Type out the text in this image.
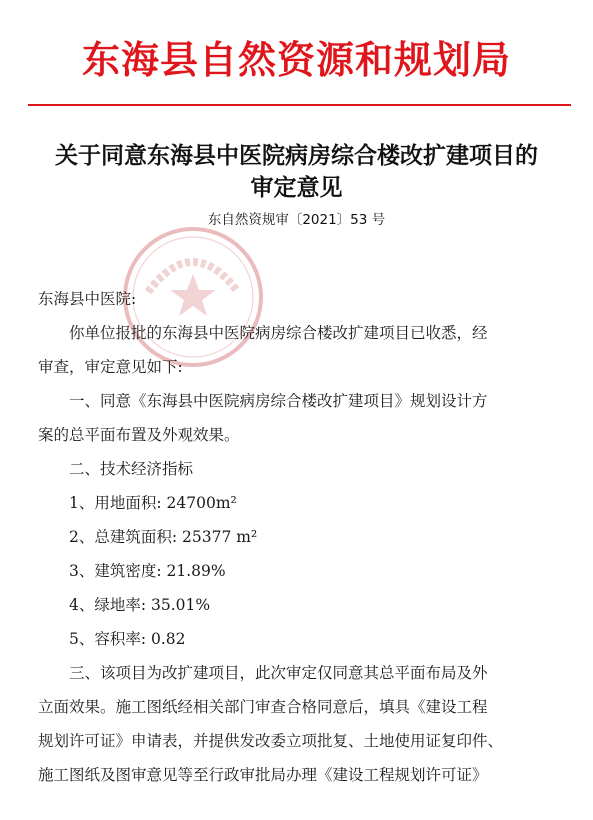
东海县自然资源和规划局
关于同意东海县中医院病房综合楼改扩建项目的
审定意见
东自然资规审〔2021〕53 号

东海县中医院:

你单位报批的东海县中医院病房综合楼改扩建项目已收悉，经

审查，审定意见如下:

一、同意《东海县中医院病房综合楼改扩建项目》规划设计方

案的总平面布置及外观效果。

二、技术经济指标

1、用地面积: 24700m²

2、总建筑面积: 25377 m²

3、建筑密度: 21.89%

4、绿地率: 35.01%

5、容积率: 0.82

三、该项目为改扩建项目，此次审定仅同意其总平面布局及外

立面效果。施工图纸经相关部门审查合格同意后，填具《建设工程

规划许可证》申请表，并提供发改委立项批复、土地使用证复印件、

施工图纸及图审意见等至行政审批局办理《建设工程规划许可证》
